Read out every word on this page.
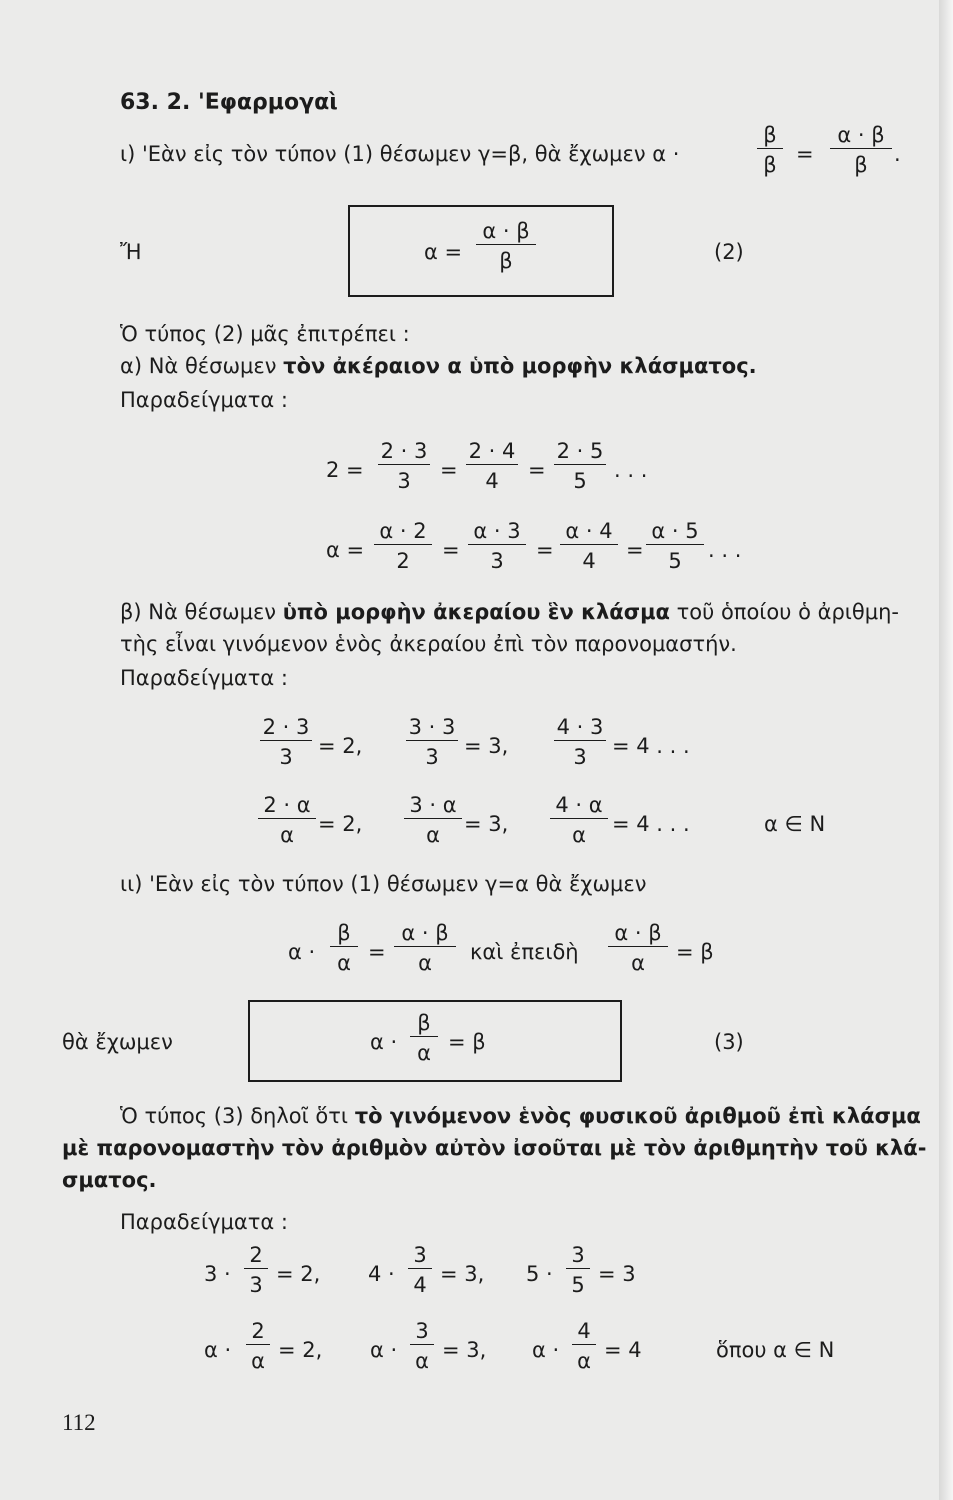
63. 2. 'Εφαρμογαὶ
ι) 'Εὰν εἰς τὸν τύπον (1) θέσωμεν γ=β, θὰ ἔχωμεν α ·	$\frac{\beta}{\beta} = \frac{\alpha \cdot \beta}{\beta}$ .
Ἤ	$\alpha = \frac{\alpha \cdot \beta}{\beta}$	(2)
Ὁ τύπος (2) μᾶς ἐπιτρέπει :
α) Νὰ θέσωμεν τὸν ἀκέραιον α ὑπὸ μορφὴν κλάσματος.
Παραδείγματα :
$2 = \frac{2 \cdot 3}{3} = \frac{2 \cdot 4}{4} = \frac{2 \cdot 5}{5}$ . . .
$\alpha = \frac{\alpha \cdot 2}{2} = \frac{\alpha \cdot 3}{3} = \frac{\alpha \cdot 4}{4} = \frac{\alpha \cdot 5}{5}$ . . .
β) Νὰ θέσωμεν ὑπὸ μορφὴν ἀκεραίου ἓν κλάσμα τοῦ ὁποίου ὁ ἀριθμη-
τὴς εἶναι γινόμενον ἑνὸς ἀκεραίου ἐπὶ τὸν παρονομαστήν.
Παραδείγματα :
$\frac{2 \cdot 3}{3} = 2$, $\frac{3 \cdot 3}{3} = 3$, $\frac{4 \cdot 3}{3} = 4$ . . .
$\frac{2 \cdot \alpha}{\alpha} = 2$, $\frac{3 \cdot \alpha}{\alpha} = 3$, $\frac{4 \cdot \alpha}{\alpha} = 4$ . . .	α ∈ N
ιι) 'Εὰν εἰς τὸν τύπον (1) θέσωμεν γ=α θὰ ἔχωμεν
$\alpha \cdot \frac{\beta}{\alpha} = \frac{\alpha \cdot \beta}{\alpha}$ καὶ ἐπειδὴ $\frac{\alpha \cdot \beta}{\alpha} = \beta$
θὰ ἔχωμεν	$\alpha \cdot \frac{\beta}{\alpha} = \beta$	(3)
Ὁ τύπος (3) δηλοῖ ὅτι τὸ γινόμενον ἑνὸς φυσικοῦ ἀριθμοῦ ἐπὶ κλάσμα
μὲ παρονομαστὴν τὸν ἀριθμὸν αὐτὸν ἰσοῦται μὲ τὸν ἀριθμητὴν τοῦ κλά-
σματος.
Παραδείγματα :
$3 \cdot \frac{2}{3} = 2$, $4 \cdot \frac{3}{4} = 3$, $5 \cdot \frac{3}{5} = 3$
$\alpha \cdot \frac{2}{\alpha} = 2$, $\alpha \cdot \frac{3}{\alpha} = 3$, $\alpha \cdot \frac{4}{\alpha} = 4$	ὅπου α ∈ N
112
